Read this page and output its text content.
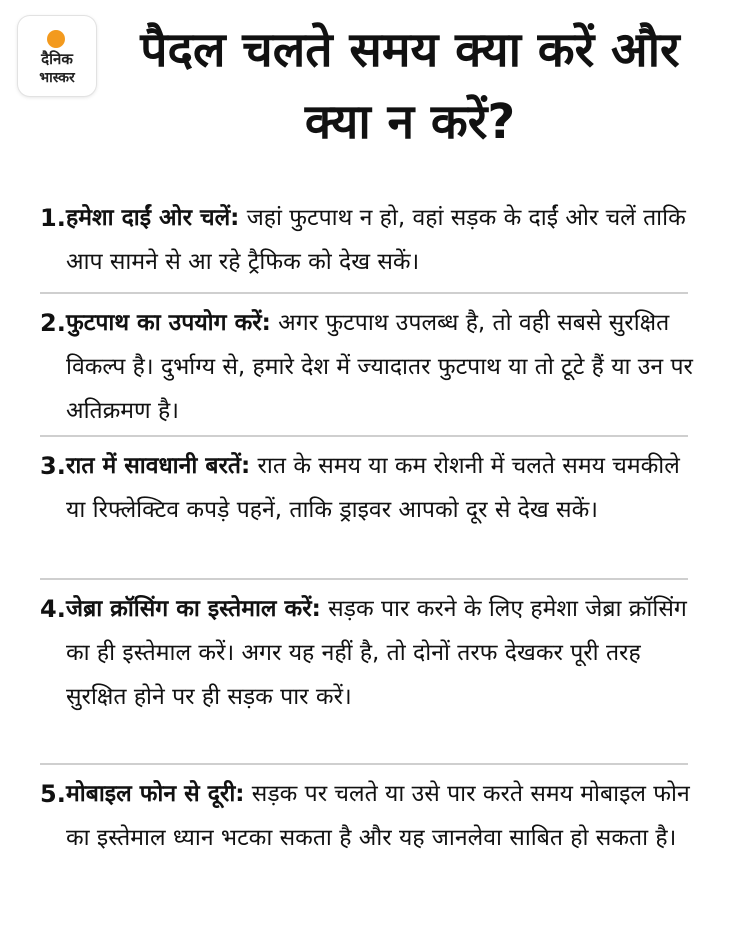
दैनिक
भास्कर	पैदल चलते समय क्या करें और क्या न करें?
1. हमेशा दाईं ओर चलें: जहां फुटपाथ न हो, वहां सड़क के दाईं ओर चलें ताकि आप सामने से आ रहे ट्रैफिक को देख सकें।
2. फुटपाथ का उपयोग करें: अगर फुटपाथ उपलब्ध है, तो वही सबसे सुरक्षित विकल्प है। दुर्भाग्य से, हमारे देश में ज्यादातर फुटपाथ या तो टूटे हैं या उन पर अतिक्रमण है।
3. रात में सावधानी बरतें: रात के समय या कम रोशनी में चलते समय चमकीले या रिफ्लेक्टिव कपड़े पहनें, ताकि ड्राइवर आपको दूर से देख सकें।
4. जेब्रा क्रॉसिंग का इस्तेमाल करें: सड़क पार करने के लिए हमेशा जेब्रा क्रॉसिंग का ही इस्तेमाल करें। अगर यह नहीं है, तो दोनों तरफ देखकर पूरी तरह सुरक्षित होने पर ही सड़क पार करें।
5. मोबाइल फोन से दूरी: सड़क पर चलते या उसे पार करते समय मोबाइल फोन का इस्तेमाल ध्यान भटका सकता है और यह जानलेवा साबित हो सकता है।
